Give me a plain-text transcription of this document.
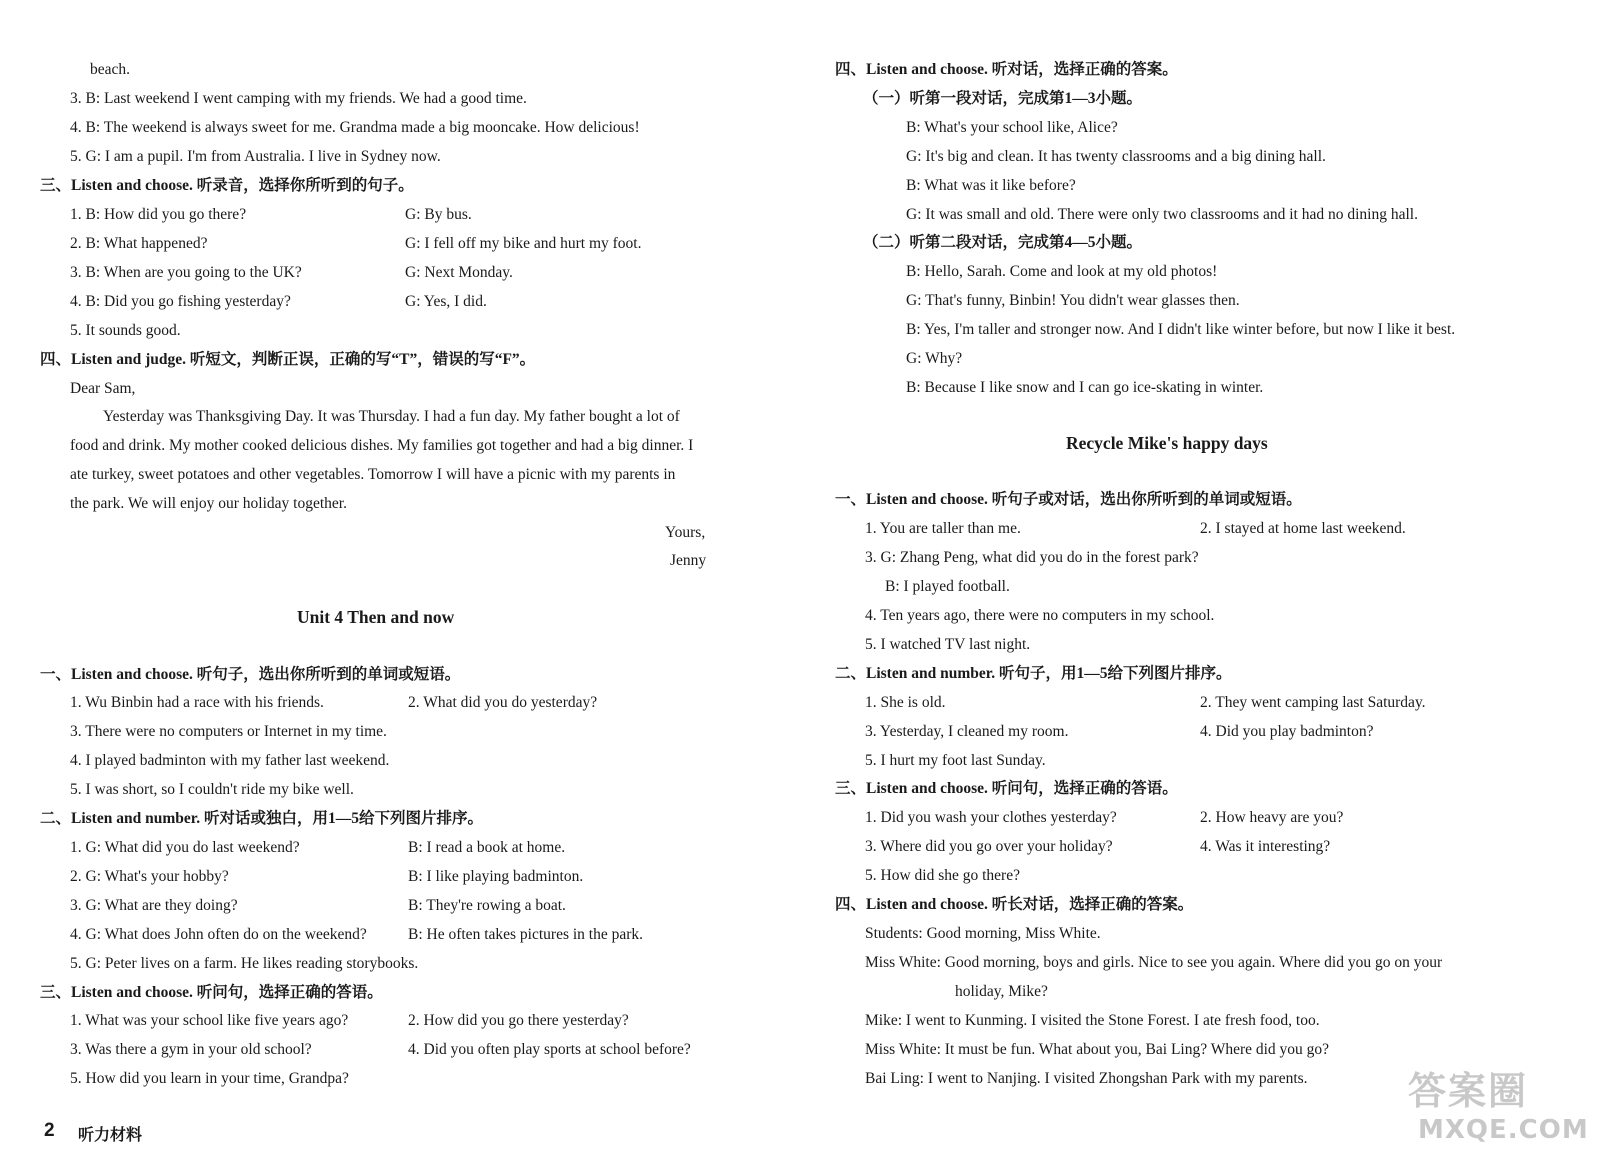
beach.
3. B: Last weekend I went camping with my friends. We had a good time.
4. B: The weekend is always sweet for me. Grandma made a big mooncake. How delicious!
5. G: I am a pupil. I'm from Australia. I live in Sydney now.
三、Listen and choose. 听录音，选择你所听到的句子。
1. B: How did you go there?	G: By bus.
2. B: What happened?	G: I fell off my bike and hurt my foot.
3. B: When are you going to the UK?	G: Next Monday.
4. B: Did you go fishing yesterday?	G: Yes, I did.
5. It sounds good.
四、Listen and judge. 听短文，判断正误，正确的写“T”，错误的写“F”。
Dear Sam,
Yesterday was Thanksgiving Day. It was Thursday. I had a fun day. My father bought a lot of
food and drink. My mother cooked delicious dishes. My families got together and had a big dinner. I
ate turkey, sweet potatoes and other vegetables. Tomorrow I will have a picnic with my parents in
the park. We will enjoy our holiday together.
Yours,
Jenny
Unit 4 Then and now
一、Listen and choose. 听句子，选出你所听到的单词或短语。
1. Wu Binbin had a race with his friends.	2. What did you do yesterday?
3. There were no computers or Internet in my time.
4. I played badminton with my father last weekend.
5. I was short, so I couldn't ride my bike well.
二、Listen and number. 听对话或独白，用1—5给下列图片排序。
1. G: What did you do last weekend?	B: I read a book at home.
2. G: What's your hobby?	B: I like playing badminton.
3. G: What are they doing?	B: They're rowing a boat.
4. G: What does John often do on the weekend?	B: He often takes pictures in the park.
5. G: Peter lives on a farm. He likes reading storybooks.
三、Listen and choose. 听问句，选择正确的答语。
1. What was your school like five years ago?	2. How did you go there yesterday?
3. Was there a gym in your old school?	4. Did you often play sports at school before?
5. How did you learn in your time, Grandpa?
四、Listen and choose. 听对话，选择正确的答案。
（一）听第一段对话，完成第1—3小题。
B: What's your school like, Alice?
G: It's big and clean. It has twenty classrooms and a big dining hall.
B: What was it like before?
G: It was small and old. There were only two classrooms and it had no dining hall.
（二）听第二段对话，完成第4—5小题。
B: Hello, Sarah. Come and look at my old photos!
G: That's funny, Binbin! You didn't wear glasses then.
B: Yes, I'm taller and stronger now. And I didn't like winter before, but now I like it best.
G: Why?
B: Because I like snow and I can go ice-skating in winter.
Recycle Mike's happy days
一、Listen and choose. 听句子或对话，选出你所听到的单词或短语。
1. You are taller than me.	2. I stayed at home last weekend.
3. G: Zhang Peng, what did you do in the forest park?
B: I played football.
4. Ten years ago, there were no computers in my school.
5. I watched TV last night.
二、Listen and number. 听句子，用1—5给下列图片排序。
1. She is old.	2. They went camping last Saturday.
3. Yesterday, I cleaned my room.	4. Did you play badminton?
5. I hurt my foot last Sunday.
三、Listen and choose. 听问句，选择正确的答语。
1. Did you wash your clothes yesterday?	2. How heavy are you?
3. Where did you go over your holiday?	4. Was it interesting?
5. How did she go there?
四、Listen and choose. 听长对话，选择正确的答案。
Students: Good morning, Miss White.
Miss White: Good morning, boys and girls. Nice to see you again. Where did you go on your
holiday, Mike?
Mike: I went to Kunming. I visited the Stone Forest. I ate fresh food, too.
Miss White: It must be fun. What about you, Bai Ling? Where did you go?
Bai Ling: I went to Nanjing. I visited Zhongshan Park with my parents.
2 听力材料
答案圈
MXQE.COM
